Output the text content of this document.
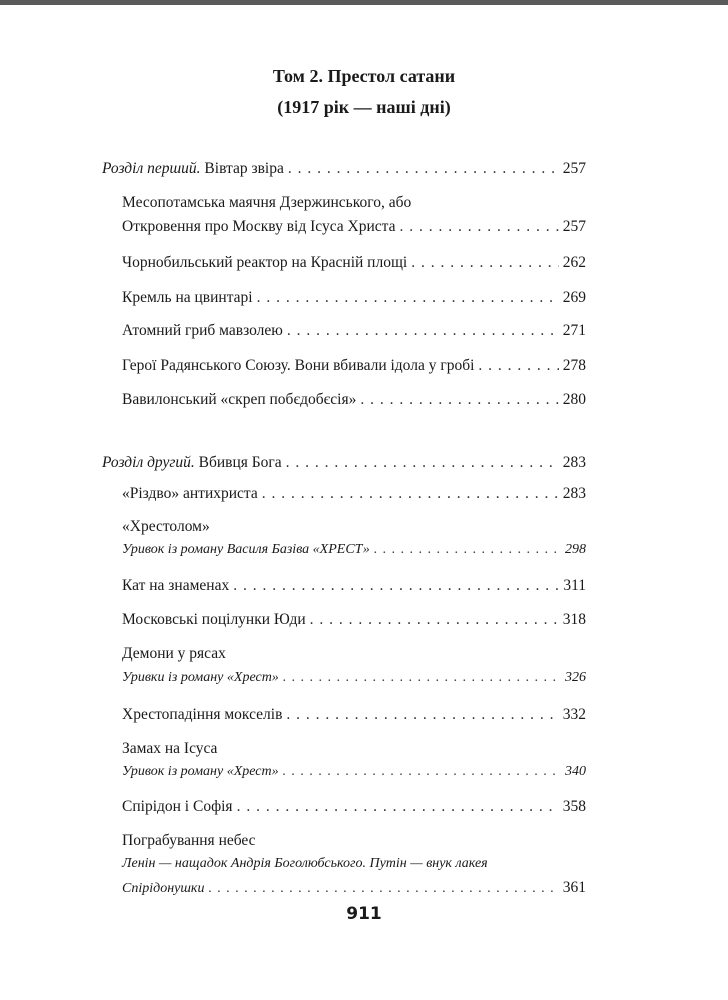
Том 2. Престол сатани
(1917 рік — наші дні)
Розділ перший. Вівтар звіра . . .	257
Месопотамська маячня Дзержинського, або
Откровення про Москву від Ісуса Христа . . .	257
Чорнобильський реактор на Красній площі . . .	262
Кремль на цвинтарі . . .	269
Атомний гриб мавзолею . . .	271
Герої Радянського Союзу. Вони вбивали ідола у гробі . . .	278
Вавилонський «скреп побєдобєсія» . . .	280
Розділ другий. Вбивця Бога . . .	283
«Різдво» антихриста . . .	283
«Хрестолом»
Уривок із роману Василя Базіва «ХРЕСТ» . . .	298
Кат на знаменах . . .	311
Московські поцілунки Юди . . .	318
Демони у рясах
Уривки із роману «Хрест» . . .	326
Хрестопадіння мокселів . . .	332
Замах на Ісуса
Уривок із роману «Хрест» . . .	340
Спірідон і Софія . . .	358
Пограбування небес
Ленін — нащадок Андрія Боголюбського. Путін — внук лакея
Спірідонушки . . .	361
911
